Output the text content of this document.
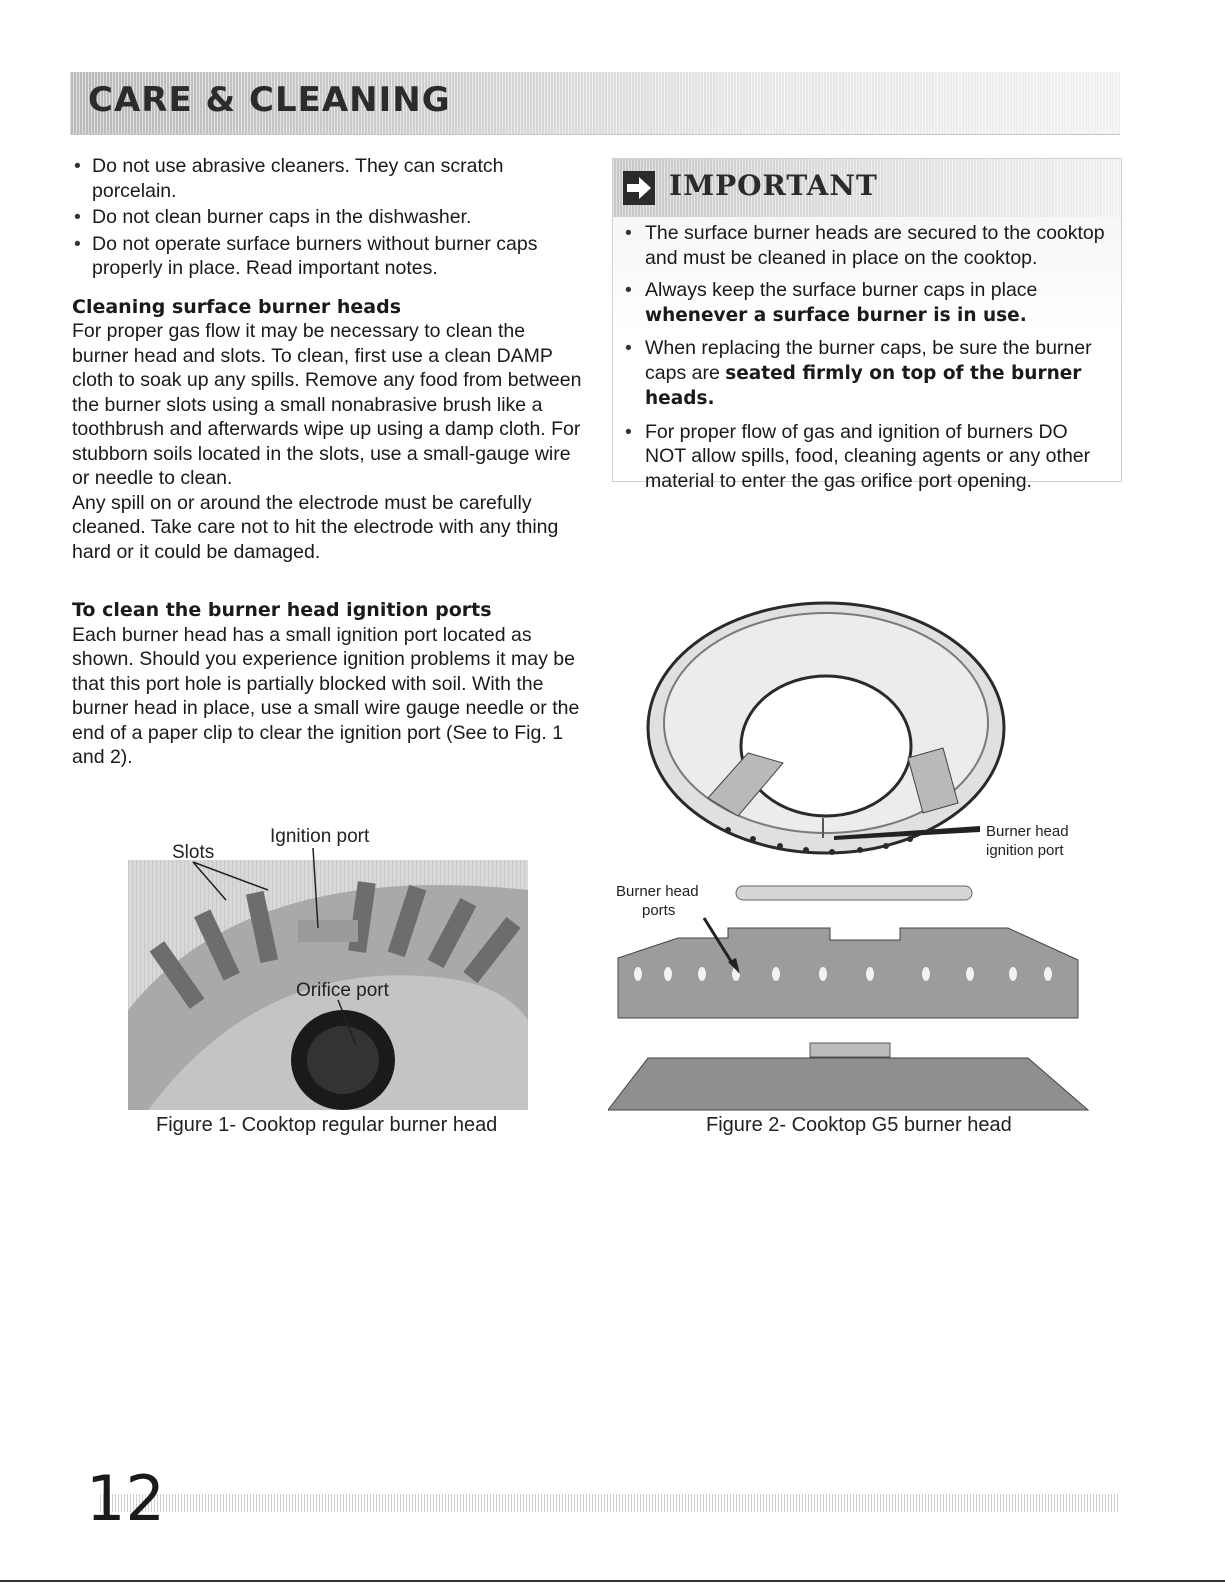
CARE & CLEANING
• Do not use abrasive cleaners. They can scratch porcelain.
• Do not clean burner caps in the dishwasher.
• Do not operate surface burners without burner caps properly in place. Read important notes.
Cleaning surface burner heads

For proper gas flow it may be necessary to clean the burner head and slots. To clean, first use a clean DAMP cloth to soak up any spills. Remove any food from between the burner slots using a small nonabrasive brush like a toothbrush and afterwards wipe up using a damp cloth. For stubborn soils located in the slots, use a small-gauge wire or needle to clean.

Any spill on or around the electrode must be carefully cleaned. Take care not to hit the electrode with any thing hard or it could be damaged.

IMPORTANT
• The surface burner heads are secured to the cooktop and must be cleaned in place on the cooktop.
• Always keep the surface burner caps in place whenever a surface burner is in use.
• When replacing the burner caps, be sure the burner caps are seated firmly on top of the burner heads.
• For proper flow of gas and ignition of burners DO NOT allow spills, food, cleaning agents or any other material to enter the gas orifice port opening.
To clean the burner head ignition ports

Each burner head has a small ignition port located as shown. Should you experience ignition problems it may be that this port hole is partially blocked with soil. With the burner head in place, use a small wire gauge needle or the end of a paper clip to clear the ignition port (See to Fig. 1 and 2).

Slots
Ignition port
Orifice port
Figure 1- Cooktop regular burner head
Burner head
ignition port
Burner head
ports
Figure 2- Cooktop G5 burner head
12
